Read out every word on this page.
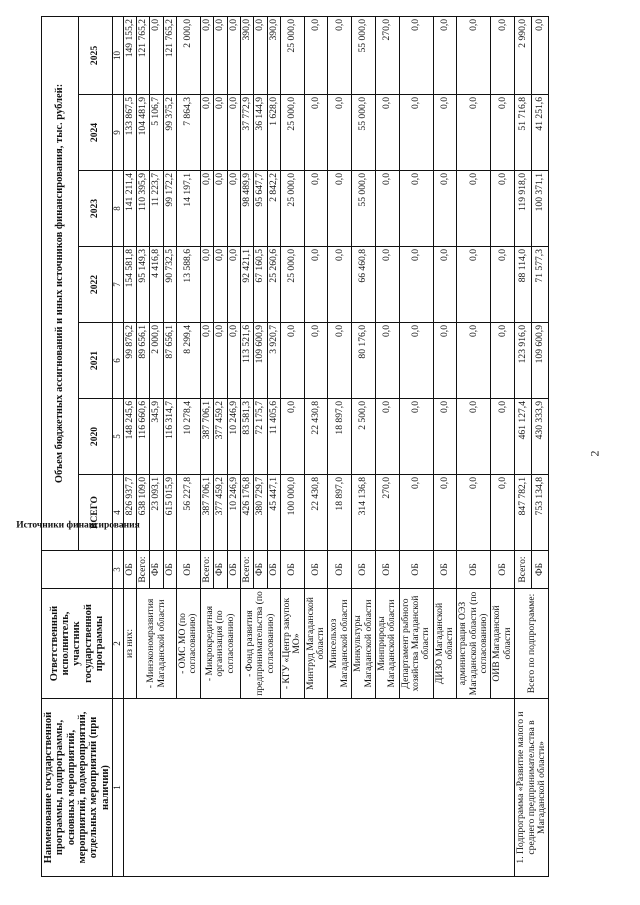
2
Наименование государственной программы, подпрограммы, основных мероприятий, мероприятий, подмероприятий, отдельных мероприятий (при наличии)	Ответственный исполнитель, участник государственной программы	Источники финансирования	Объем бюджетных ассигнований и иных источников финансирования, тыс. рублей:						
			ВСЕГО	2020	2021	2022	2023	2024	2025
1	2	3	4	5	6	7	8	9	10
	из них:	ОБ	826 937,7	148 245,6	99 876,2	154 581,8	141 211,4	133 867,5	149 155,2
	- Минэкономразвития Магаданской области	Всего:	638 109,0	116 660,6	89 656,1	95 149,3	110 395,9	104 481,9	121 765,2
		ФБ	23 093,1	345,9	2 000,0	4 416,8	11 223,7	5 106,7	0,0
		ОБ	615 015,9	116 314,7	87 656,1	90 732,5	99 172,2	99 375,2	121 765,2
	- ОМС МО (по согласованию)	ОБ	56 227,8	10 278,4	8 299,4	13 588,6	14 197,1	7 864,3	2 000,0
	- Микрокредитная организация (по согласованию)	Всего:	387 706,1	387 706,1	0,0	0,0	0,0	0,0	0,0
		ФБ	377 459,2	377 459,2	0,0	0,0	0,0	0,0	0,0
		ОБ	10 246,9	10 246,9	0,0	0,0	0,0	0,0	0,0
	- Фонд развития предпринимательства (по согласованию)	Всего:	426 176,8	83 581,3	113 521,6	92 421,1	98 489,9	37 772,9	390,0
		ФБ	380 729,7	72 175,7	109 600,9	67 160,5	95 647,7	36 144,9	0,0
		ОБ	45 447,1	11 405,6	3 920,7	25 260,6	2 842,2	1 628,0	390,0
	- КГУ «Центр закупок МО»	ОБ	100 000,0	0,0	0,0	25 000,0	25 000,0	25 000,0	25 000,0
	Минтруд Магаданской области	ОБ	22 430,8	22 430,8	0,0	0,0	0,0	0,0	0,0
	Минсельхоз Магаданской области	ОБ	18 897,0	18 897,0	0,0	0,0	0,0	0,0	0,0
	Минкультуры Магаданской области	ОБ	314 136,8	2 500,0	80 176,0	66 460,8	55 000,0	55 000,0	55 000,0
	Минприроды Магаданской области	ОБ	270,0	0,0	0,0	0,0	0,0	0,0	270,0
	Департамент рыбного хозяйства Магаданской области	ОБ	0,0	0,0	0,0	0,0	0,0	0,0	0,0
	ДИЗО Магаданской области	ОБ	0,0	0,0	0,0	0,0	0,0	0,0	0,0
	администрация ОЭЗ Магаданской области (по согласованию)	ОБ	0,0	0,0	0,0	0,0	0,0	0,0	0,0
	ОИВ Магаданской области	ОБ	0,0	0,0	0,0	0,0	0,0	0,0	0,0
1. Подпрограмма «Развитие малого и среднего предпринимательства в Магаданской области»	Всего по подпрограмме:	Всего:	847 782,1	461 127,4	123 916,0	88 114,0	119 918,0	51 716,8	2 990,0
		ФБ	753 134,8	430 333,9	109 600,9	71 577,3	100 371,1	41 251,6	0,0
